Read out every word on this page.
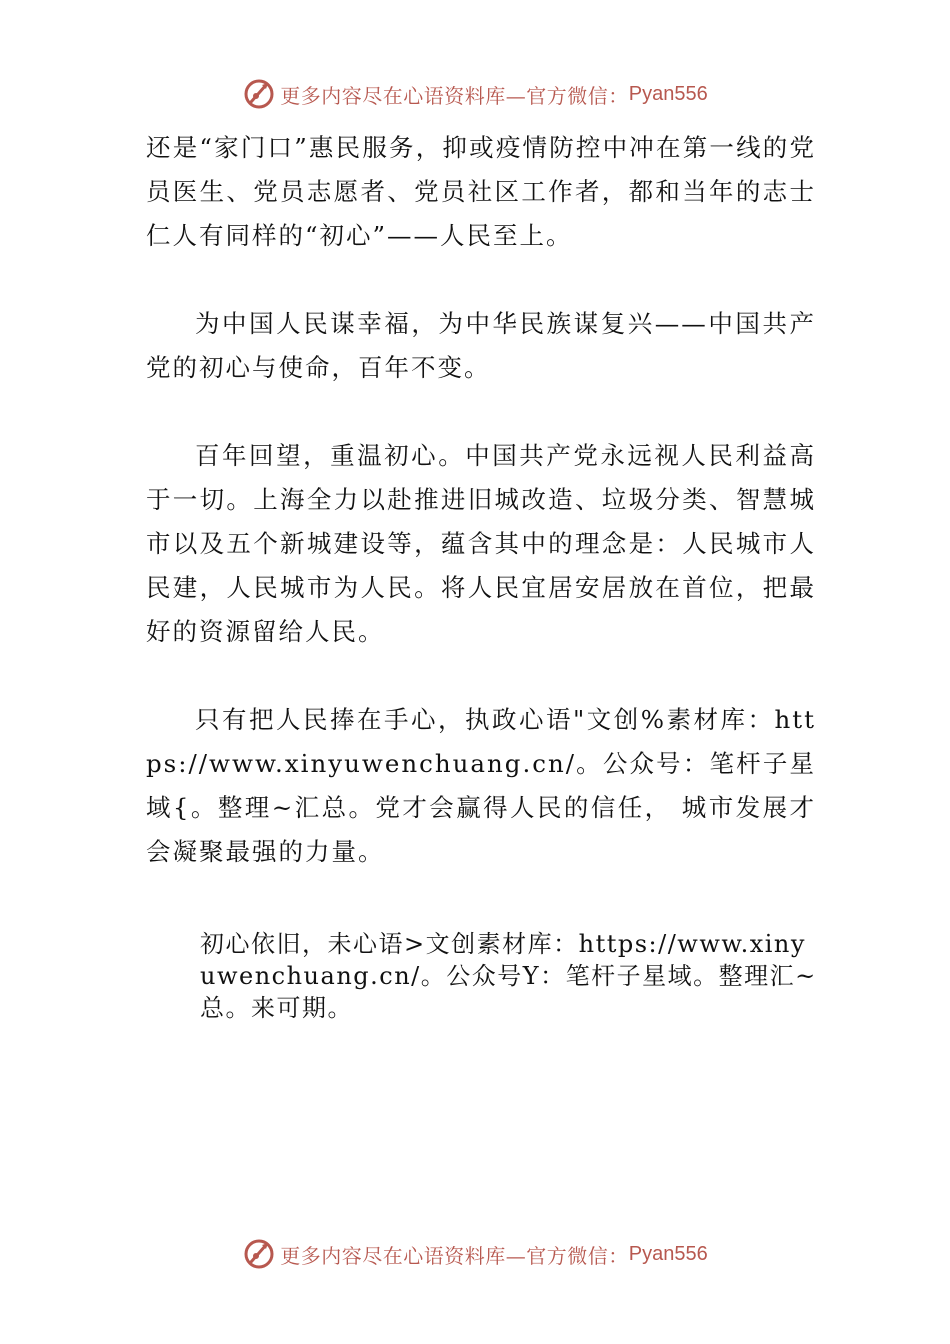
更多内容尽在心语资料库—官方微信： Pyan556

还是“家门口”惠民服务，抑或疫情防控中冲在第一线的党员医生、党员志愿者、党员社区工作者，都和当年的志士仁人有同样的“初心”——人民至上。

为中国人民谋幸福，为中华民族谋复兴——中国共产党的初心与使命，百年不变。

百年回望，重温初心。中国共产党永远视人民利益高于一切。上海全力以赴推进旧城改造、垃圾分类、智慧城市以及五个新城建设等，蕴含其中的理念是：人民城市人民建，人民城市为人民。将人民宜居安居放在首位，把最好的资源留给人民。

只有把人民捧在手心，执政心语"文创%素材库：https://www.xinyuwenchuang.cn/。公众号：笔杆子星域{。整理~汇总。党才会赢得人民的信任， 城市发展才会凝聚最强的力量。

初心依旧，未心语>文创素材库：https://www.xinyuwenchuang.cn/。公众号Y：笔杆子星域。整理汇~总。来可期。

更多内容尽在心语资料库—官方微信： Pyan556
